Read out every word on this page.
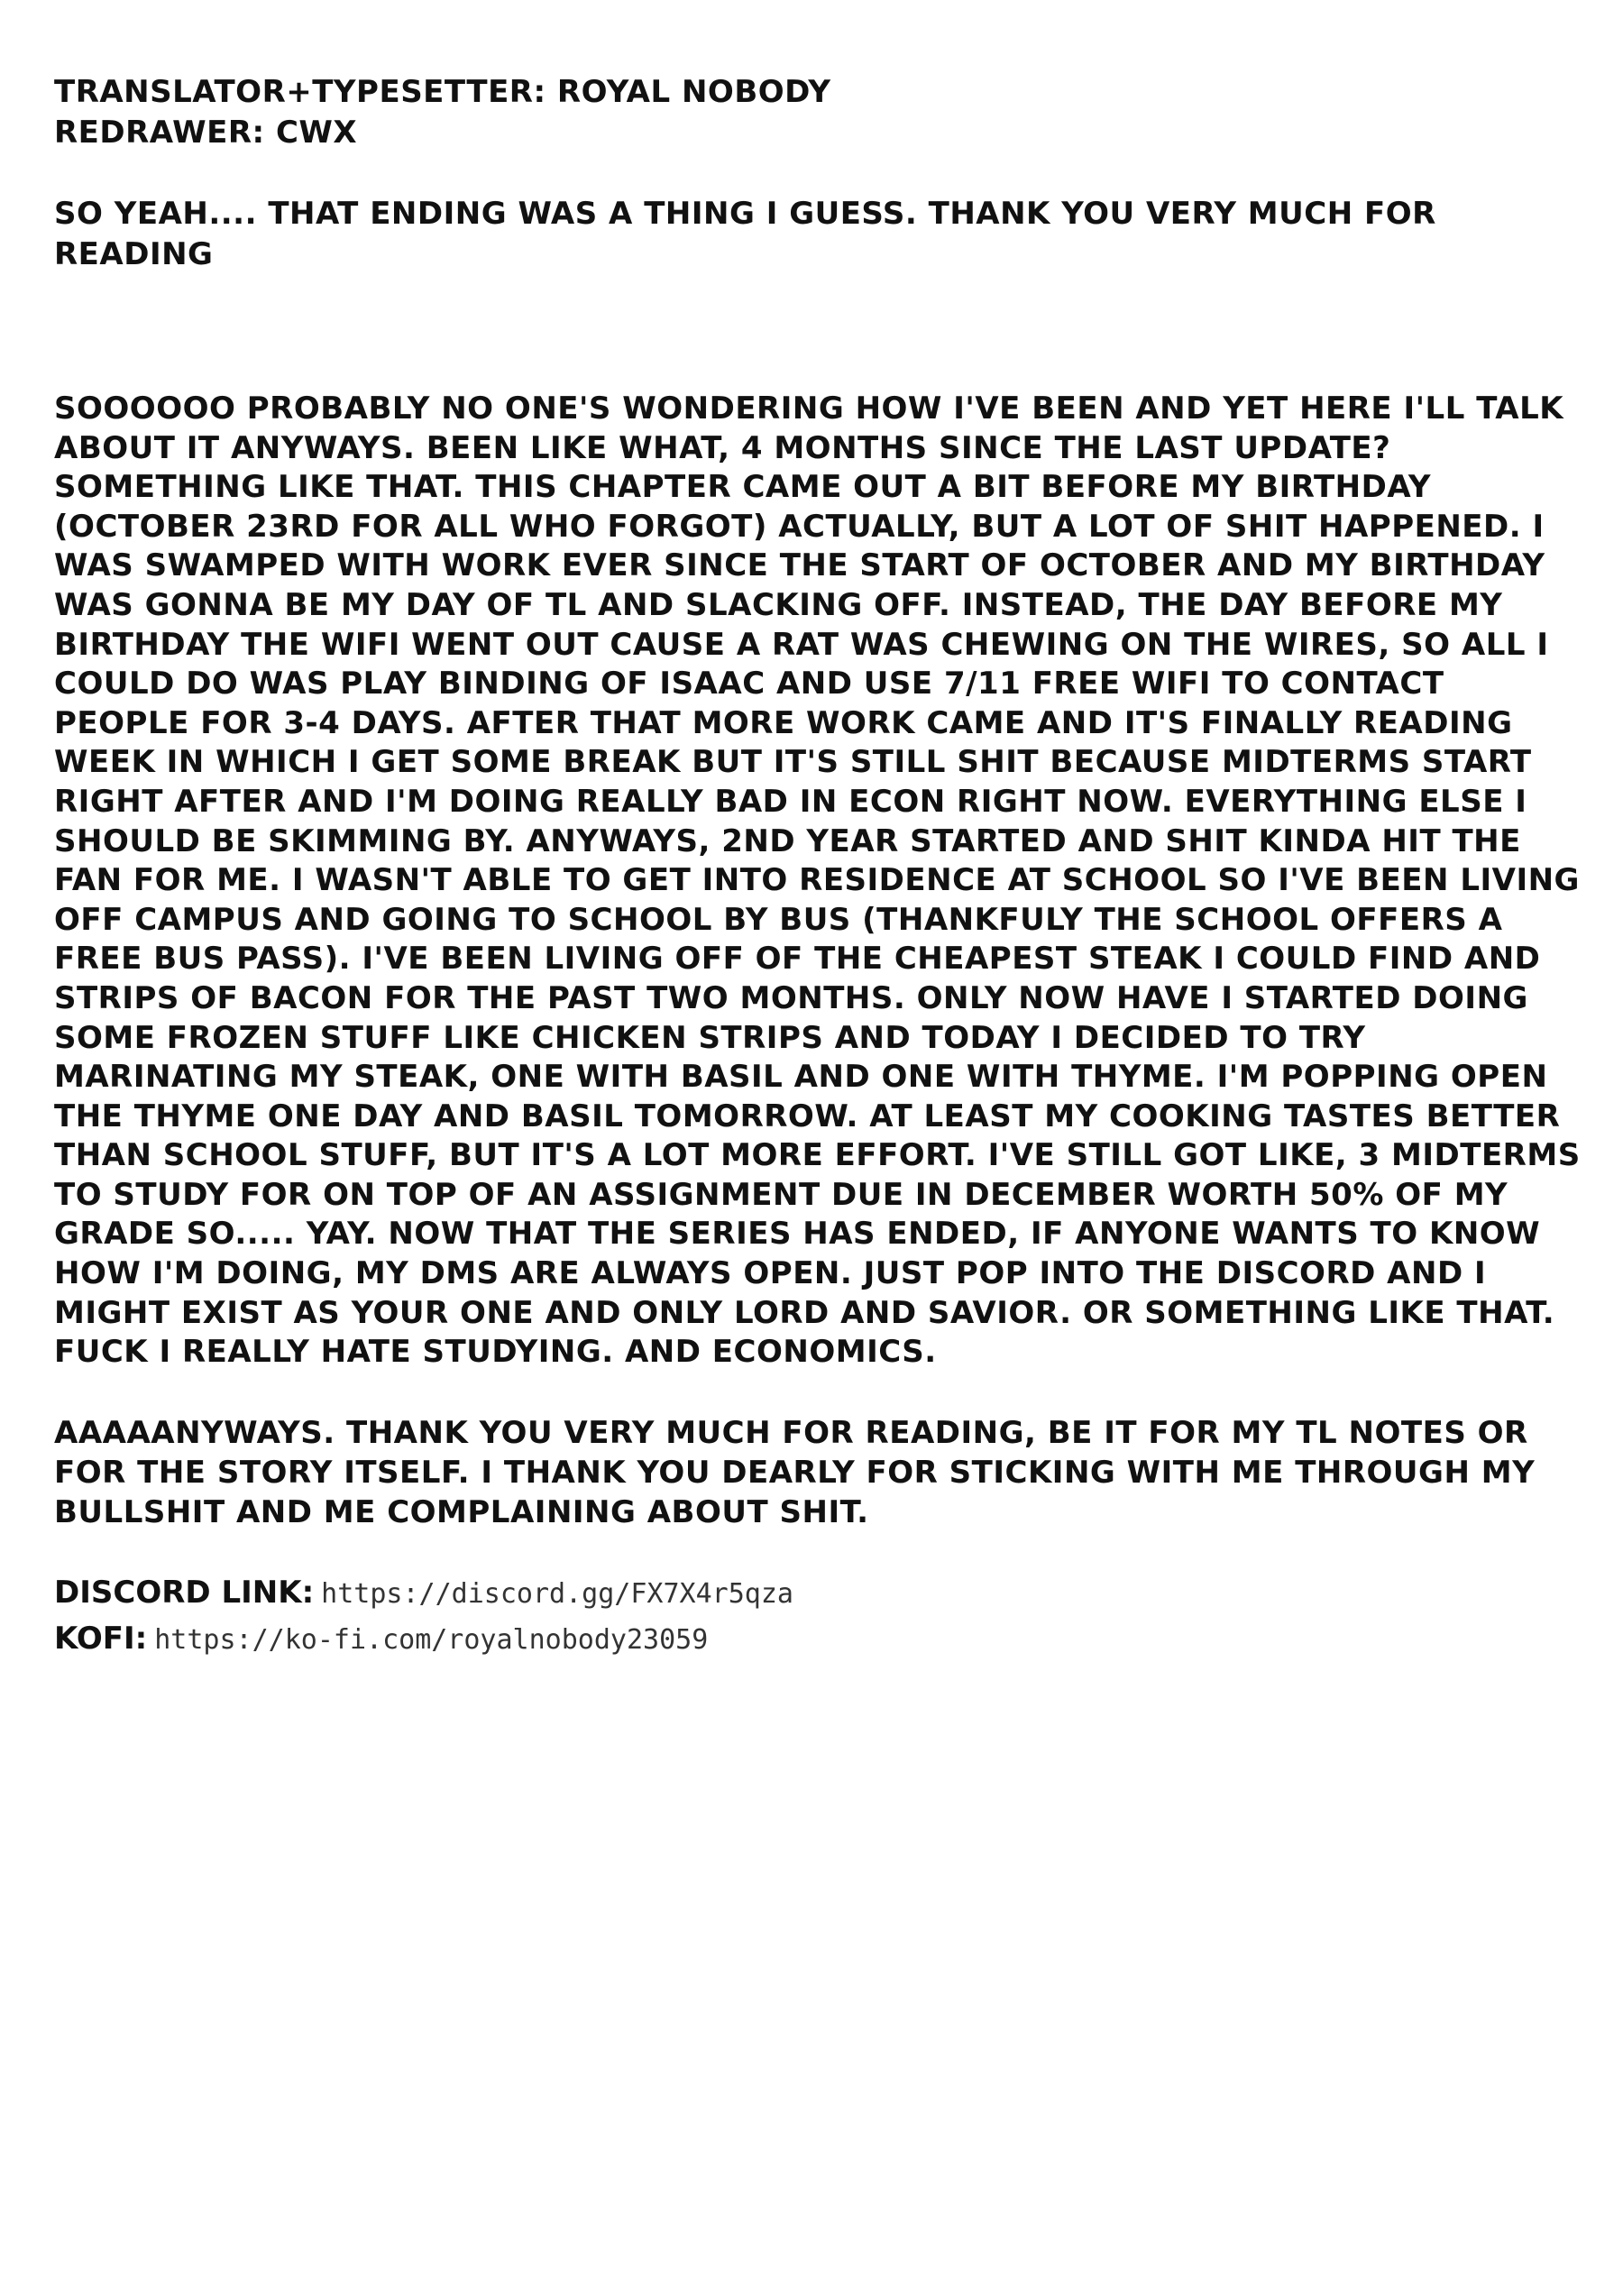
TRANSLATOR+TYPESETTER: ROYAL NOBODY
REDRAWER: CWX

SO YEAH.... THAT ENDING WAS A THING I GUESS. THANK YOU VERY MUCH FOR READING

SOOOOOO PROBABLY NO ONE'S WONDERING HOW I'VE BEEN AND YET HERE I'LL TALK ABOUT IT ANYWAYS. BEEN LIKE WHAT, 4 MONTHS SINCE THE LAST UPDATE? SOMETHING LIKE THAT. THIS CHAPTER CAME OUT A BIT BEFORE MY BIRTHDAY (OCTOBER 23RD FOR ALL WHO FORGOT) ACTUALLY, BUT A LOT OF SHIT HAPPENED. I WAS SWAMPED WITH WORK EVER SINCE THE START OF OCTOBER AND MY BIRTHDAY WAS GONNA BE MY DAY OF TL AND SLACKING OFF. INSTEAD, THE DAY BEFORE MY BIRTHDAY THE WIFI WENT OUT CAUSE A RAT WAS CHEWING ON THE WIRES, SO ALL I COULD DO WAS PLAY BINDING OF ISAAC AND USE 7/11 FREE WIFI TO CONTACT PEOPLE FOR 3-4 DAYS. AFTER THAT MORE WORK CAME AND IT'S FINALLY READING WEEK IN WHICH I GET SOME BREAK BUT IT'S STILL SHIT BECAUSE MIDTERMS START RIGHT AFTER AND I'M DOING REALLY BAD IN ECON RIGHT NOW. EVERYTHING ELSE I SHOULD BE SKIMMING BY. ANYWAYS, 2ND YEAR STARTED AND SHIT KINDA HIT THE FAN FOR ME. I WASN'T ABLE TO GET INTO RESIDENCE AT SCHOOL SO I'VE BEEN LIVING OFF CAMPUS AND GOING TO SCHOOL BY BUS (THANKFULY THE SCHOOL OFFERS A FREE BUS PASS). I'VE BEEN LIVING OFF OF THE CHEAPEST STEAK I COULD FIND AND STRIPS OF BACON FOR THE PAST TWO MONTHS. ONLY NOW HAVE I STARTED DOING SOME FROZEN STUFF LIKE CHICKEN STRIPS AND TODAY I DECIDED TO TRY MARINATING MY STEAK, ONE WITH BASIL AND ONE WITH THYME. I'M POPPING OPEN THE THYME ONE DAY AND BASIL TOMORROW. AT LEAST MY COOKING TASTES BETTER THAN SCHOOL STUFF, BUT IT'S A LOT MORE EFFORT. I'VE STILL GOT LIKE, 3 MIDTERMS TO STUDY FOR ON TOP OF AN ASSIGNMENT DUE IN DECEMBER WORTH 50% OF MY GRADE SO..... YAY. NOW THAT THE SERIES HAS ENDED, IF ANYONE WANTS TO KNOW HOW I'M DOING, MY DMS ARE ALWAYS OPEN. JUST POP INTO THE DISCORD AND I MIGHT EXIST AS YOUR ONE AND ONLY LORD AND SAVIOR. OR SOMETHING LIKE THAT. FUCK I REALLY HATE STUDYING. AND ECONOMICS.

AAAAANYWAYS. THANK YOU VERY MUCH FOR READING, BE IT FOR MY TL NOTES OR FOR THE STORY ITSELF. I THANK YOU DEARLY FOR STICKING WITH ME THROUGH MY BULLSHIT AND ME COMPLAINING ABOUT SHIT.

DISCORD LINK: https://discord.gg/FX7X4r5qza
KOFI: https://ko-fi.com/royalnobody23059
